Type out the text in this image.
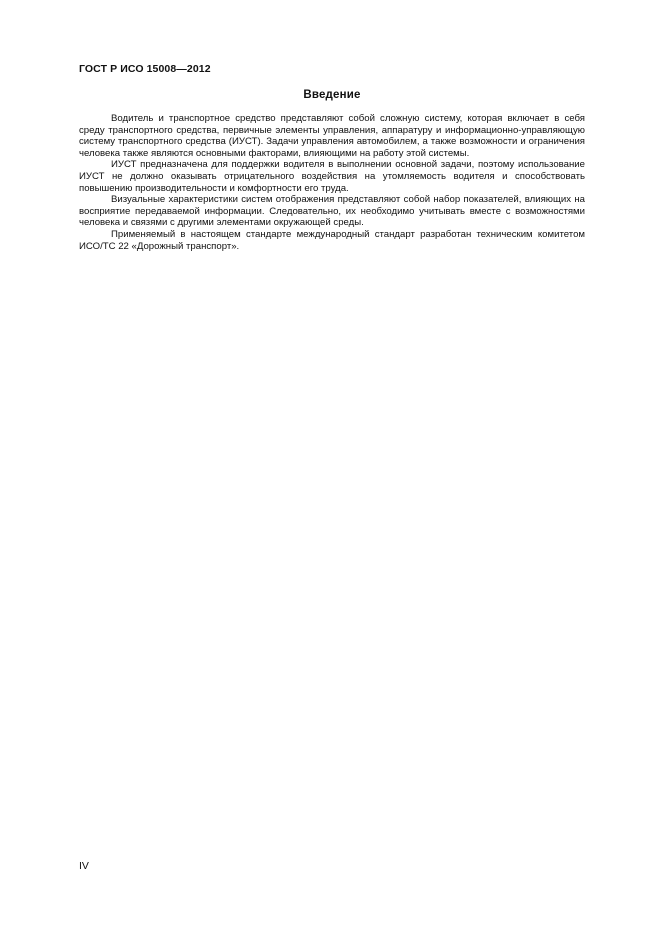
ГОСТ Р ИСО 15008—2012
Введение

Водитель и транспортное средство представляют собой сложную систему, которая включает в себя среду транспортного средства, первичные элементы управления, аппаратуру и информационно-управляющую систему транспортного средства (ИУСТ). Задачи управления автомобилем, а также возможности и ограничения человека также являются основными факторами, влияющими на работу этой системы.

ИУСТ предназначена для поддержки водителя в выполнении основной задачи, поэтому использование ИУСТ не должно оказывать отрицательного воздействия на утомляемость водителя и способствовать повышению производительности и комфортности его труда.

Визуальные характеристики систем отображения представляют собой набор показателей, влияющих на восприятие передаваемой информации. Следовательно, их необходимо учитывать вместе с возможностями человека и связями с другими элементами окружающей среды.

Применяемый в настоящем стандарте международный стандарт разработан техническим комитетом ИСО/ТС 22 «Дорожный транспорт».

IV
